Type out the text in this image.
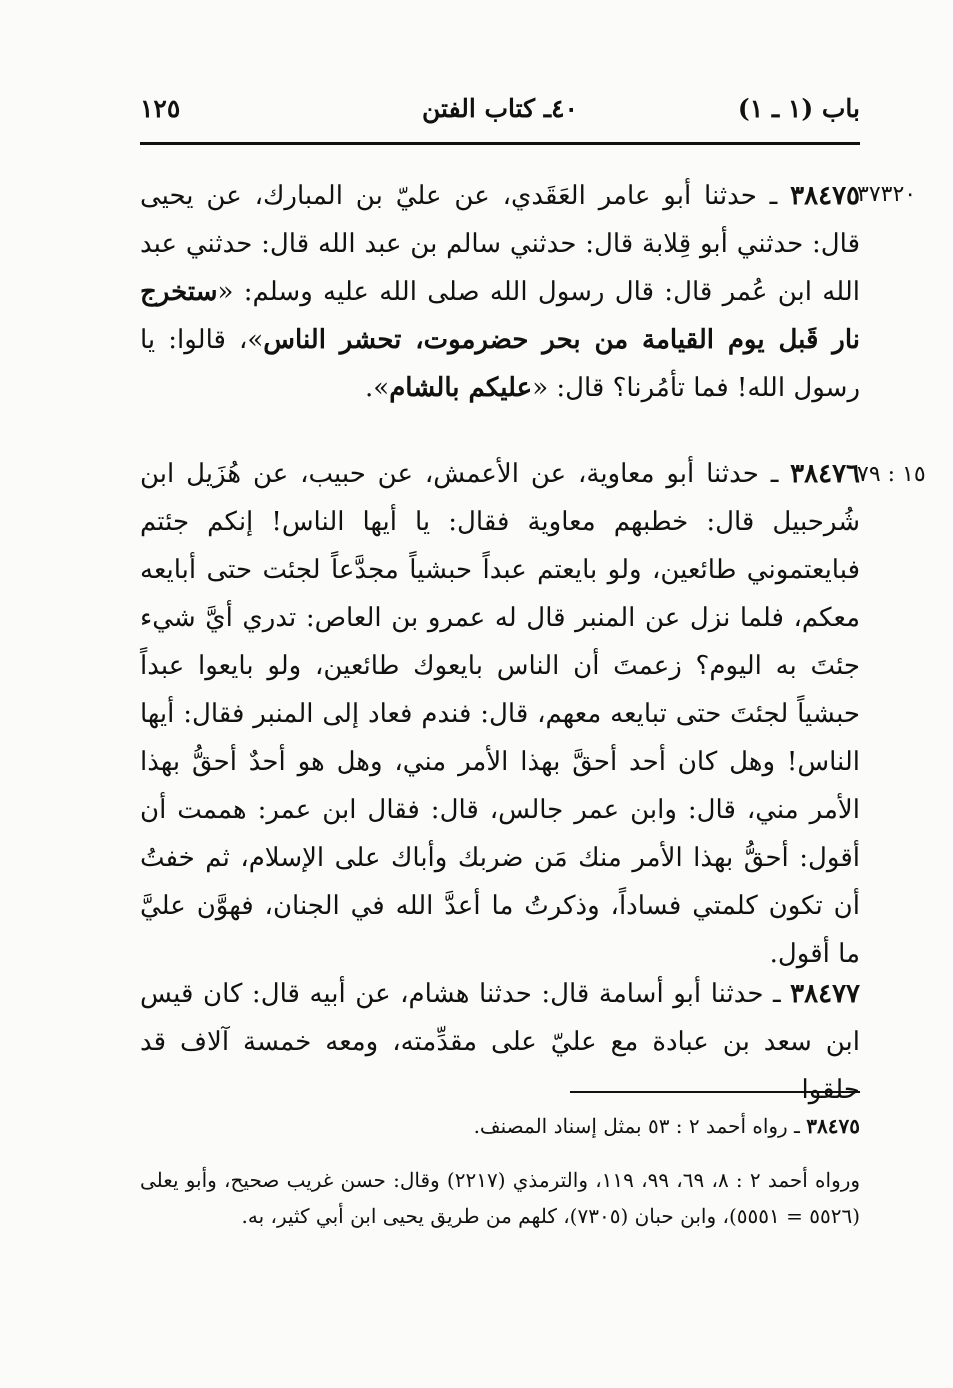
باب (١ ـ ١)
٤٠ـ كتاب الفتن
١٢٥

٣٨٤٧٥ ـ حدثنا أبو عامر العَقَدي، عن عليّ بن المبارك، عن يحيى قال: حدثني أبو قِلابة قال: حدثني سالم بن عبد الله قال: حدثني عبد الله ابن عُمر قال: قال رسول الله صلى الله عليه وسلم: «ستخرج نار قَبل يوم القيامة من بحر حضرموت، تحشر الناس»، قالوا: يا رسول الله! فما تأمُرنا؟ قال: «عليكم بالشام».

٣٧٣٢٠

٣٨٤٧٦ ـ حدثنا أبو معاوية، عن الأعمش، عن حبيب، عن هُزَيل ابن شُرحبيل قال: خطبهم معاوية فقال: يا أيها الناس! إنكم جئتم فبايعتموني طائعين، ولو بايعتم عبداً حبشياً مجدَّعاً لجئت حتى أبايعه معكم، فلما نزل عن المنبر قال له عمرو بن العاص: تدري أيَّ شيء جئتَ به اليوم؟ زعمتَ أن الناس بايعوك طائعين، ولو بايعوا عبداً حبشياً لجئتَ حتى تبايعه معهم، قال: فندم فعاد إلى المنبر فقال: أيها الناس! وهل كان أحد أحقَّ بهذا الأمر مني، وهل هو أحدٌ أحقُّ بهذا الأمر مني، قال: وابن عمر جالس، قال: فقال ابن عمر: هممت أن أقول: أحقُّ بهذا الأمر منك مَن ضربك وأباك على الإسلام، ثم خفتُ أن تكون كلمتي فساداً، وذكرتُ ما أعدَّ الله في الجنان، فهوَّن عليَّ ما أقول.

١٥ : ٧٩

٣٨٤٧٧ ـ حدثنا أبو أسامة قال: حدثنا هشام، عن أبيه قال: كان قيس ابن سعد بن عبادة مع عليّ على مقدِّمته، ومعه خمسة آلاف قد حلقوا

٣٨٤٧٥ ـ رواه أحمد ٢ : ٥٣ بمثل إسناد المصنف.

ورواه أحمد ٢ : ٨، ٦٩، ٩٩، ١١٩، والترمذي (٢٢١٧) وقال: حسن غريب صحيح، وأبو يعلى (٥٥٢٦ = ٥٥٥١)، وابن حبان (٧٣٠٥)، كلهم من طريق يحيى ابن أبي كثير، به.
